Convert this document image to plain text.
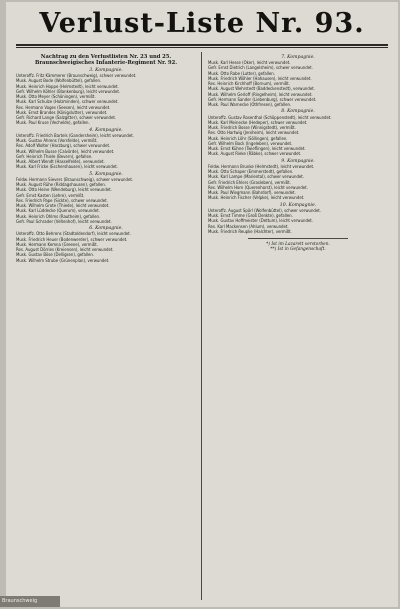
Verlust-Liste Nr. 93.
Nachtrag zu den Verlustlisten Nr. 23 und 25. Braunschweigisches Infanterie-Regiment Nr. 92.
3. Kompagnie.
Unteroffz. Fritz Kämmerer (Braunschweig), schwer verwundet.
Musk. August Bode (Wolfenbüttel), gefallen.
Musk. Heinrich Hoppe (Helmstedt), leicht verwundet.
Gefr. Wilhelm Köhler (Blankenburg), leicht verwundet.
Musk. Otto Meyer (Schöningen), vermißt.
Musk. Karl Schulze (Holzminden), schwer verwundet.
Res. Hermann Voges (Seesen), leicht verwundet.
Musk. Ernst Brandes (Königslutter), verwundet.
Gefr. Richard Lange (Salzgitter), schwer verwundet.
Musk. Paul Kruse (Vechelde), gefallen.
4. Kompagnie.
Unteroffz. Friedrich Bartels (Gandersheim), leicht verwundet.
Musk. Gustav Ahrens (Vorsfelde), vermißt.
Res. Adolf Wolter (Harzburg), schwer verwundet.
Musk. Wilhelm Busse (Calvörde), leicht verwundet.
Gefr. Heinrich Thiele (Bevern), gefallen.
Musk. Albert Wendt (Hasselfelde), verwundet.
Musk. Karl Fricke (Eschershausen), leicht verwundet.
5. Kompagnie.
Feldw. Hermann Sievers (Braunschweig), schwer verwundet.
Musk. August Rühe (Riddagshausen), gefallen.
Musk. Otto Heine (Wendeburg), leicht verwundet.
Gefr. Ernst Kasten (Lehre), vermißt.
Res. Friedrich Pape (Sickte), schwer verwundet.
Musk. Wilhelm Grote (Thiede), leicht verwundet.
Musk. Karl Lüddecke (Querum), verwundet.
Musk. Heinrich Ohlms (Rautheim), gefallen.
Gefr. Paul Schrader (Veltenhof), leicht verwundet.
6. Kompagnie.
Unteroffz. Otto Behrens (Stadtoldendorf), leicht verwundet.
Musk. Friedrich Heuer (Bodenwerder), schwer verwundet.
Musk. Hermann Kemna (Greene), vermißt.
Res. August Dörries (Kreiensen), leicht verwundet.
Musk. Gustav Böse (Delligsen), gefallen.
Musk. Wilhelm Strube (Grünenplan), verwundet.
7. Kompagnie.
Musk. Karl Hesse (Oker), leicht verwundet.
Gefr. Ernst Dietrich (Langelsheim), schwer verwundet.
Musk. Otto Rabe (Lutter), gefallen.
Musk. Friedrich Wöhler (Hahausen), leicht verwundet.
Res. Heinrich Kirchhoff (Bornum), vermißt.
Musk. August Wehrstedt (Baddeckenstedt), verwundet.
Musk. Wilhelm Gerloff (Ringelheim), leicht verwundet.
Gefr. Hermann Sander (Liebenburg), schwer verwundet.
Musk. Paul Warnecke (Othfresen), gefallen.
8. Kompagnie.
Unteroffz. Gustav Rosenthal (Schöppenstedt), leicht verwundet.
Musk. Karl Meinecke (Hedeper), schwer verwundet.
Musk. Friedrich Bosse (Winnigstedt), vermißt.
Res. Otto Hartwig (Jerxheim), leicht verwundet.
Musk. Heinrich Löhr (Söllingen), gefallen.
Gefr. Wilhelm Bock (Ingeleben), verwundet.
Musk. Ernst Kühne (Twieflingen), leicht verwundet.
Musk. August Rieke (Räbke), schwer verwundet.
9. Kompagnie.
Feldw. Hermann Brunke (Helmstedt), leicht verwundet.
Musk. Otto Schaper (Emmerstedt), gefallen.
Musk. Karl Lampe (Mariental), schwer verwundet.
Gefr. Friedrich Ehlers (Grasleben), vermißt.
Res. Wilhelm Horn (Querenhorst), leicht verwundet.
Musk. Paul Wiegmann (Bahrdorf), verwundet.
Musk. Heinrich Fischer (Velpke), leicht verwundet.
10. Kompagnie.
Unteroffz. August Spörl (Wolfenbüttel), schwer verwundet.
Musk. Ernst Timme (Groß Denkte), gefallen.
Musk. Gustav Hoffmeister (Dettum), leicht verwundet.
Res. Karl Mackensen (Ahlum), verwundet.
Musk. Friedrich Reupke (Halchter), vermißt.
*) Ist im Lazarett verstorben.
**) Ist in Gefangenschaft.
Braunschweig
